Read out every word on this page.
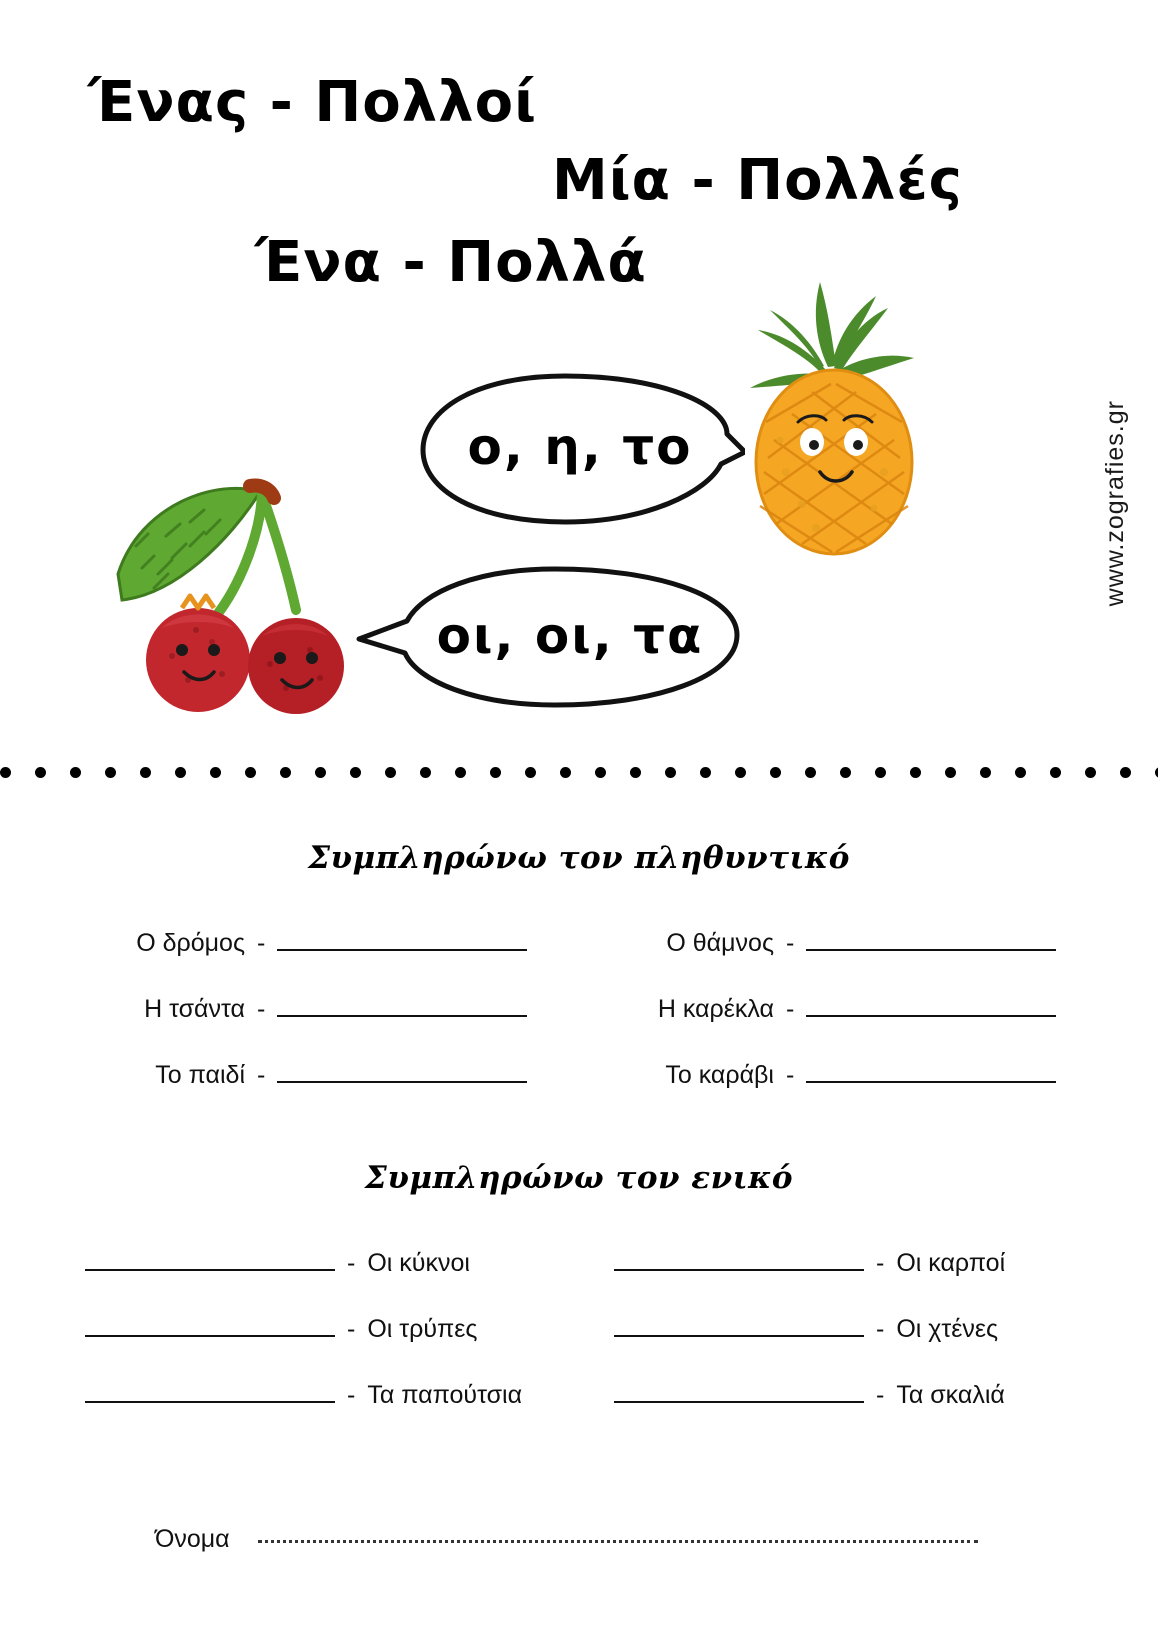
Ένας - Πολλοί
Μία - Πολλές
Ένα - Πολλά
www.zografies.gr
ο, η, το
οι, οι, τα
Συμπληρώνω τον πληθυντικό
Ο δρόμος -	Ο θάμνος -
Η τσάντα -	Η καρέκλα -
Το παιδί -	Το καράβι -
Συμπληρώνω τον ενικό
- Οι κύκνοι	- Οι καρποί
- Οι τρύπες	- Οι χτένες
- Τα παπούτσια	- Τα σκαλιά
Όνομα
